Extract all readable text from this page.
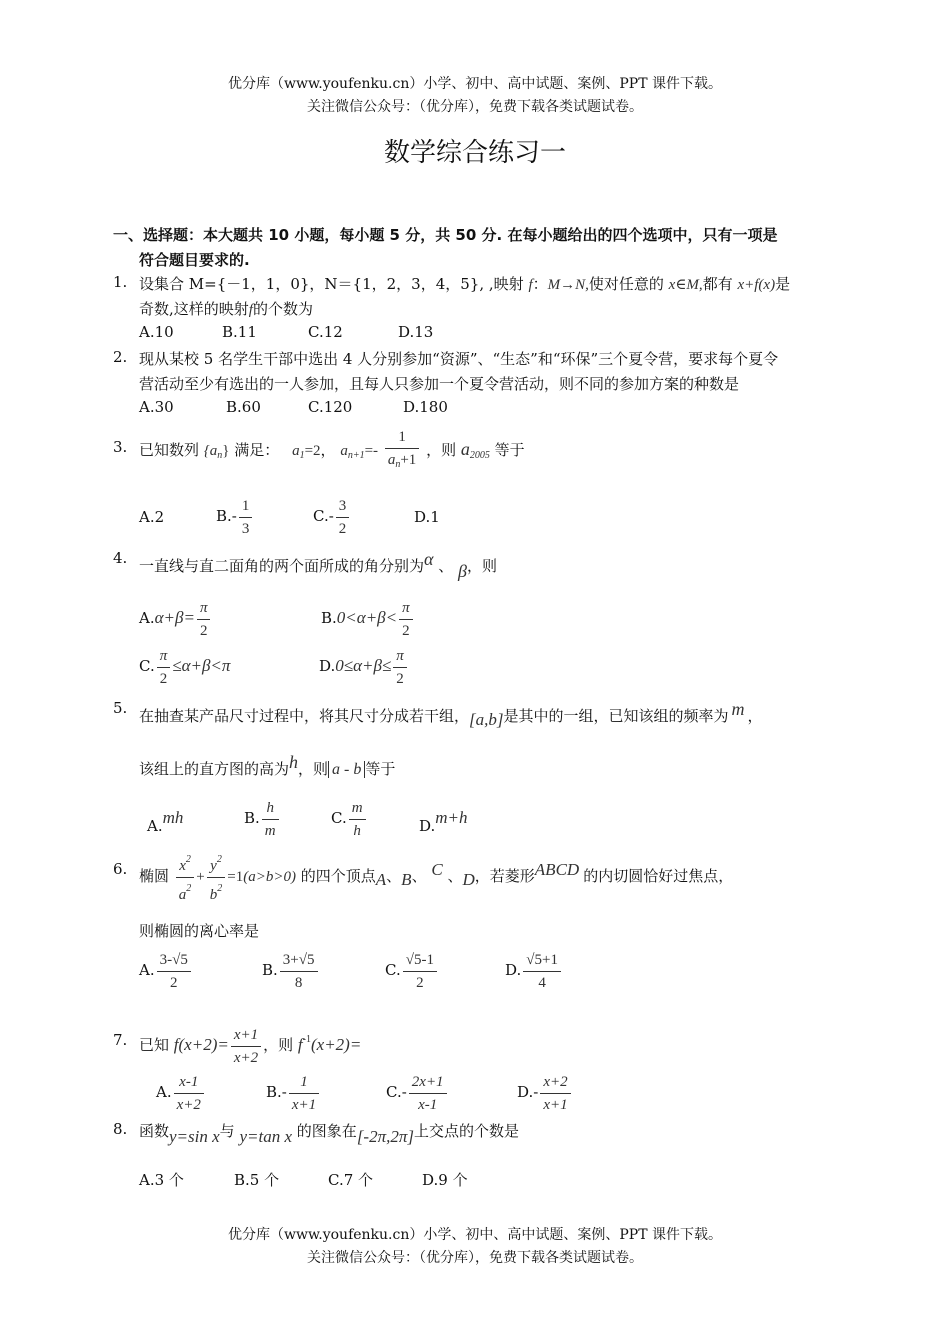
优分库（www.youfenku.cn）小学、初中、高中试题、案例、PPT 课件下载。
关注微信公众号：（优分库），免费下载各类试题试卷。
数学综合练习一
一、选择题：本大题共 10 小题，每小题 5 分，共 50 分. 在每小题给出的四个选项中，只有一项是
符合题目要求的.
1. 设集合 M={－1，1，0}，N＝{1，2，3，4，5}, ,映射 f：M→N,使对任意的 x∈M,都有 x+f(x)是
奇数,这样的映射f的个数为
A.10	B.11	C.12	D.13
2. 现从某校 5 名学生干部中选出 4 人分别参加“资源”、“生态”和“环保”三个夏令营，要求每个夏令
营活动至少有选出的一人参加，且每人只参加一个夏令营活动，则不同的参加方案的种数是
A.30	B.60	C.120	D.180
3. 已知数列 $\{a_n\}$ 满足： $a_1=2$， $a_{n+1}=- \frac{1}{a_n+1}$ ，则 $a_{2005}$ 等于
A.2	$B.- \frac{1}{3}$	$C.- \frac{3}{2}$	D.1
4. 一直线与直二面角的两个面所成的角分别为α 、 β，则
$A.\alpha+\beta= \frac{\pi}{2}$	$B.0<\alpha+\beta< \frac{\pi}{2}$
C. $\frac{\pi}{2} \le\alpha+\beta<\pi$	$D.0\le\alpha+\beta\le \frac{\pi}{2}$
5. 在抽查某产品尺寸过程中，将其尺寸分成若干组，[a,b]是其中的一组，已知该组的频率为 m ，
该组上的直方图的高为h，则 a - b 等于
A.mh	B. $\frac{h}{m}$	C. $\frac{m}{h}$	D.m+h
6. 椭圆 $\frac{x^2}{a^2} + \frac{y^2}{b^2} =1(a>b>0)$ 的四个顶点A、B、 C 、D，若菱形ABCD 的内切圆恰好过焦点，
则椭圆的离心率是
A. $\frac{3-√5}{2}$	B. $\frac{3+√5}{8}$	C. $\frac{√5-1}{2}$	D. $\frac{√5+1}{4}$
7. 已知 $f(x+2)= \frac{x+1}{x+2}$ ，则 $f^{-1}(x+2)=$
A. $\frac{x-1}{x+2}$	$B.- \frac{1}{x+1}$	$C.- \frac{2x+1}{x-1}$	$D.- \frac{x+2}{x+1}$
8. 函数y=sin x与 y=tan x 的图象在[-2π,2π]上交点的个数是
A.3 个	B.5 个	C.7 个	D.9 个
优分库（www.youfenku.cn）小学、初中、高中试题、案例、PPT 课件下载。
关注微信公众号：（优分库），免费下载各类试题试卷。
